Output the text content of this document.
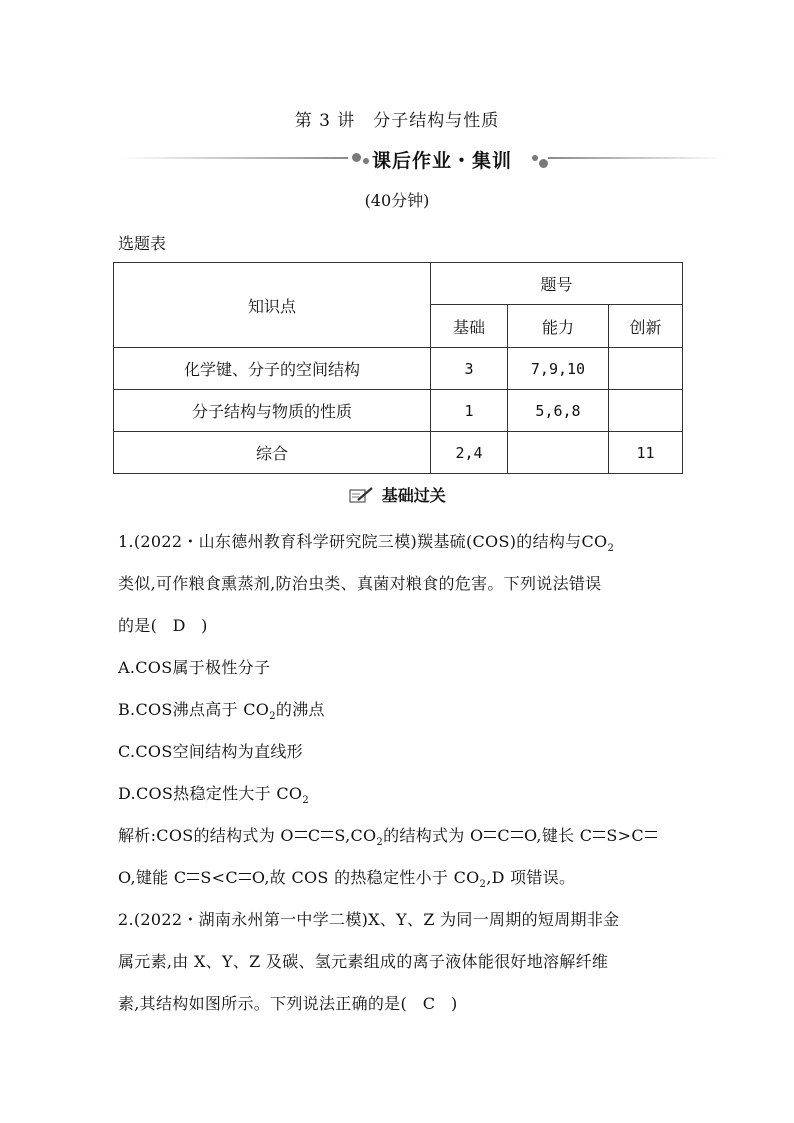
第 3 讲　分子结构与性质
课后作业・集训
(40分钟)
选题表
知识点	题号		
	基础	能力	创新
化学键、分子的空间结构	3	7,9,10	
分子结构与物质的性质	1	5,6,8	
综合	2,4		11
基础过关
1.(2022・山东德州教育科学研究院三模)羰基硫(COS)的结构与$CO_2$
类似,可作粮食熏蒸剂,防治虫类、真菌对粮食的危害。下列说法错误
的是( D )
A.COS属于极性分子
B.COS沸点高于 $CO_2$的沸点
C.COS空间结构为直线形
D.COS热稳定性大于 $CO_2$
解析:COS的结构式为 O C $S,CO_2$的结构式为 O C O,键长 C S>C
O,键能 C S<C O,故 COS 的热稳定性小于 $CO_2,D$ 项错误。
2.(2022・湖南永州第一中学二模)X、Y、Z 为同一周期的短周期非金
属元素,由 X、Y、Z 及碳、氢元素组成的离子液体能很好地溶解纤维
素,其结构如图所示。下列说法正确的是( C )
